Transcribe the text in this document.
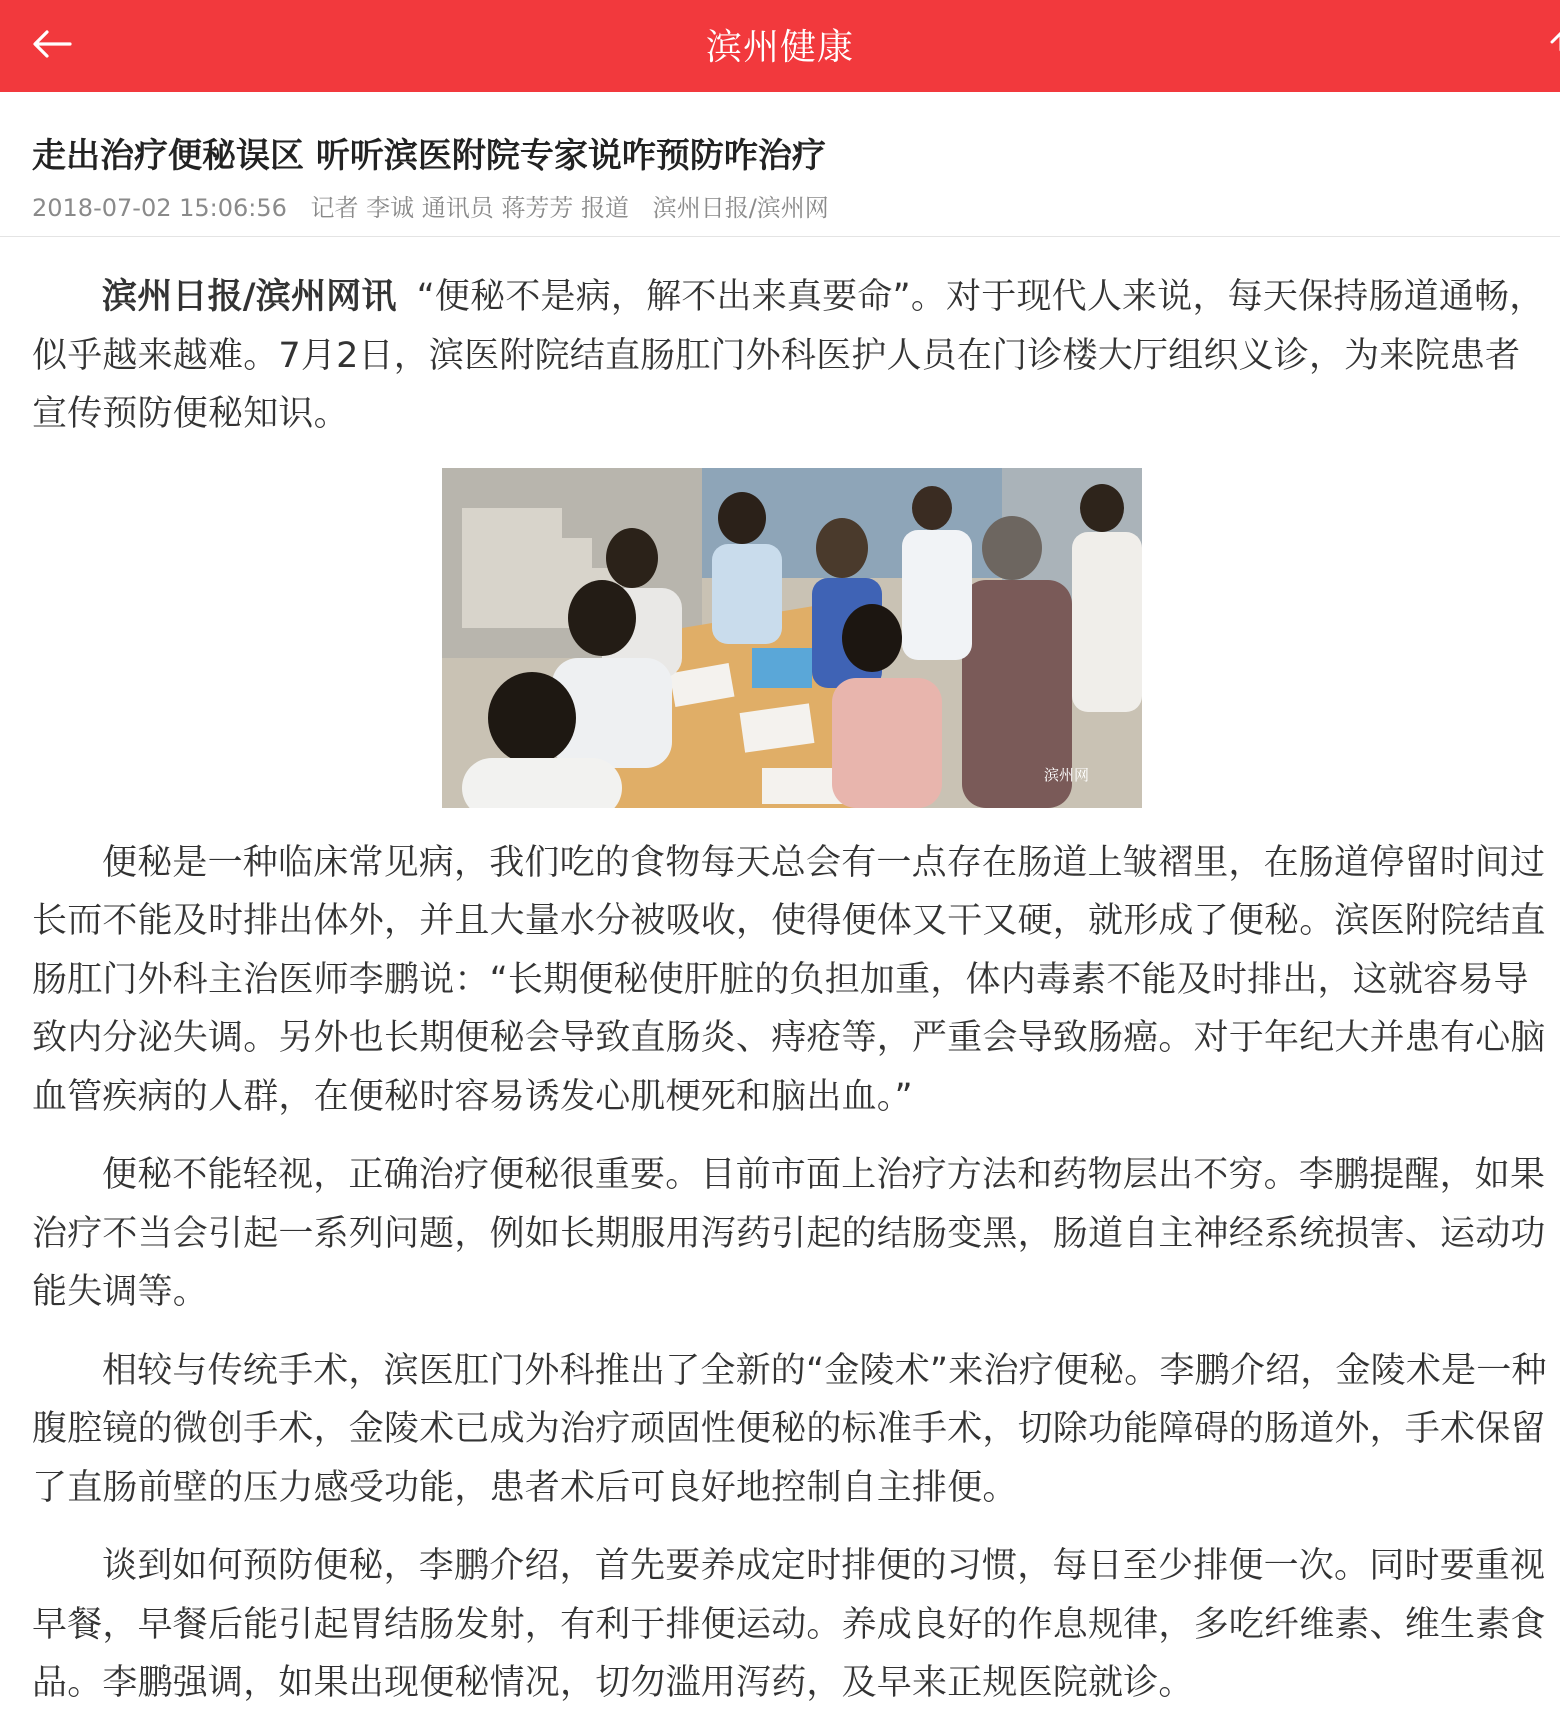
滨州健康
走出治疗便秘误区 听听滨医附院专家说咋预防咋治疗
2018-07-02 15:06:56 记者 李诚 通讯员 蒋芳芳 报道 滨州日报/滨州网

滨州日报/滨州网讯 “便秘不是病，解不出来真要命”。对于现代人来说，每天保持肠道通畅，似乎越来越难。7月2日，滨医附院结直肠肛门外科医护人员在门诊楼大厅组织义诊，为来院患者宣传预防便秘知识。

滨州网

便秘是一种临床常见病，我们吃的食物每天总会有一点存在肠道上皱褶里，在肠道停留时间过长而不能及时排出体外，并且大量水分被吸收，使得便体又干又硬，就形成了便秘。滨医附院结直肠肛门外科主治医师李鹏说：“长期便秘使肝脏的负担加重，体内毒素不能及时排出，这就容易导致内分泌失调。另外也长期便秘会导致直肠炎、痔疮等，严重会导致肠癌。对于年纪大并患有心脑血管疾病的人群，在便秘时容易诱发心肌梗死和脑出血。”

便秘不能轻视，正确治疗便秘很重要。目前市面上治疗方法和药物层出不穷。李鹏提醒，如果治疗不当会引起一系列问题，例如长期服用泻药引起的结肠变黑，肠道自主神经系统损害、运动功能失调等。

相较与传统手术，滨医肛门外科推出了全新的“金陵术”来治疗便秘。李鹏介绍，金陵术是一种腹腔镜的微创手术，金陵术已成为治疗顽固性便秘的标准手术，切除功能障碍的肠道外，手术保留了直肠前壁的压力感受功能，患者术后可良好地控制自主排便。

谈到如何预防便秘，李鹏介绍，首先要养成定时排便的习惯，每日至少排便一次。同时要重视早餐，早餐后能引起胃结肠发射，有利于排便运动。养成良好的作息规律，多吃纤维素、维生素食品。李鹏强调，如果出现便秘情况，切勿滥用泻药，及早来正规医院就诊。
